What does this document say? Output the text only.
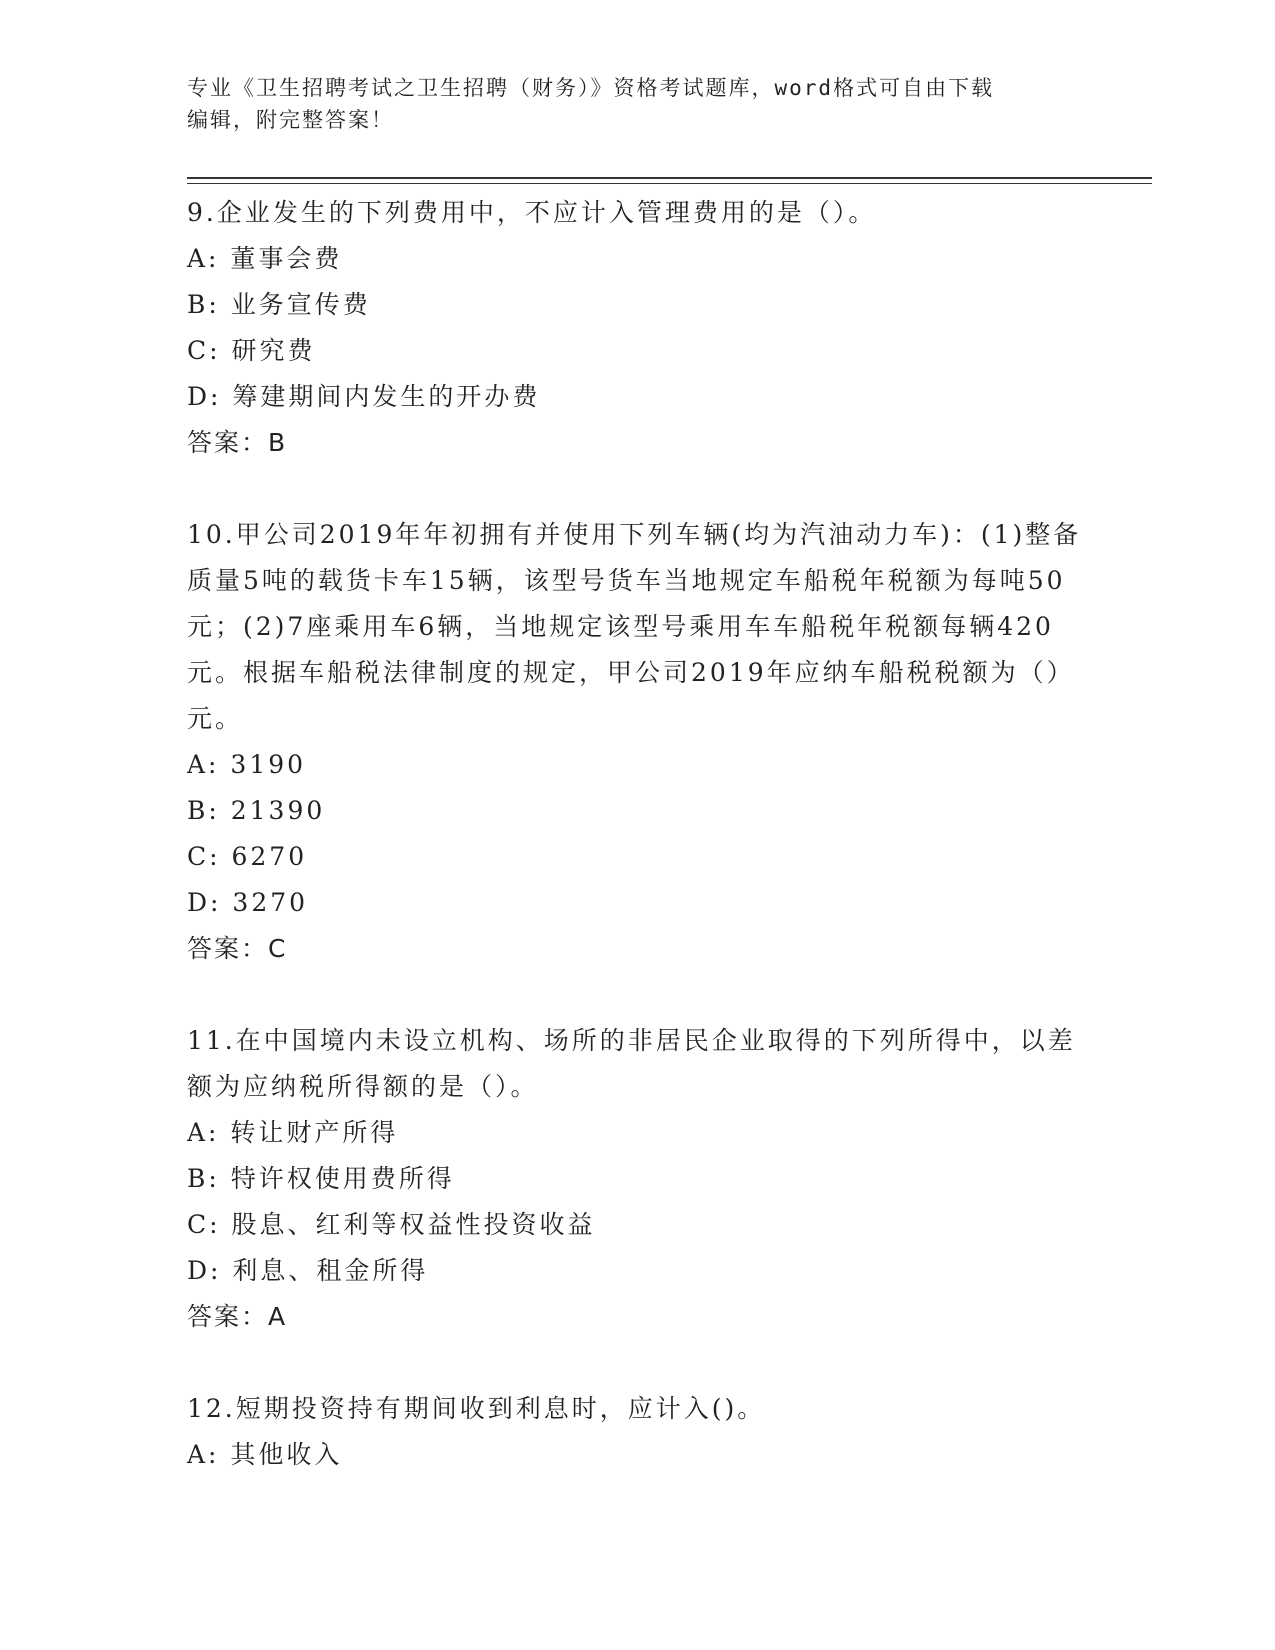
专业《卫生招聘考试之卫生招聘（财务）》资格考试题库，word格式可自由下载
编辑，附完整答案！
9.企业发生的下列费用中，不应计入管理费用的是（）。
A: 董事会费
B: 业务宣传费
C: 研究费
D: 筹建期间内发生的开办费
答案：B
10.甲公司2019年年初拥有并使用下列车辆(均为汽油动力车)：(1)整备质量5吨的载货卡车15辆，该型号货车当地规定车船税年税额为每吨50元；(2)7座乘用车6辆，当地规定该型号乘用车车船税年税额每辆420元。根据车船税法律制度的规定，甲公司2019年应纳车船税税额为（）元。
A: 3190
B: 21390
C: 6270
D: 3270
答案：C
11.在中国境内未设立机构、场所的非居民企业取得的下列所得中，以差额为应纳税所得额的是（）。
A: 转让财产所得
B: 特许权使用费所得
C: 股息、红利等权益性投资收益
D: 利息、租金所得
答案：A
12.短期投资持有期间收到利息时，应计入()。
A: 其他收入
